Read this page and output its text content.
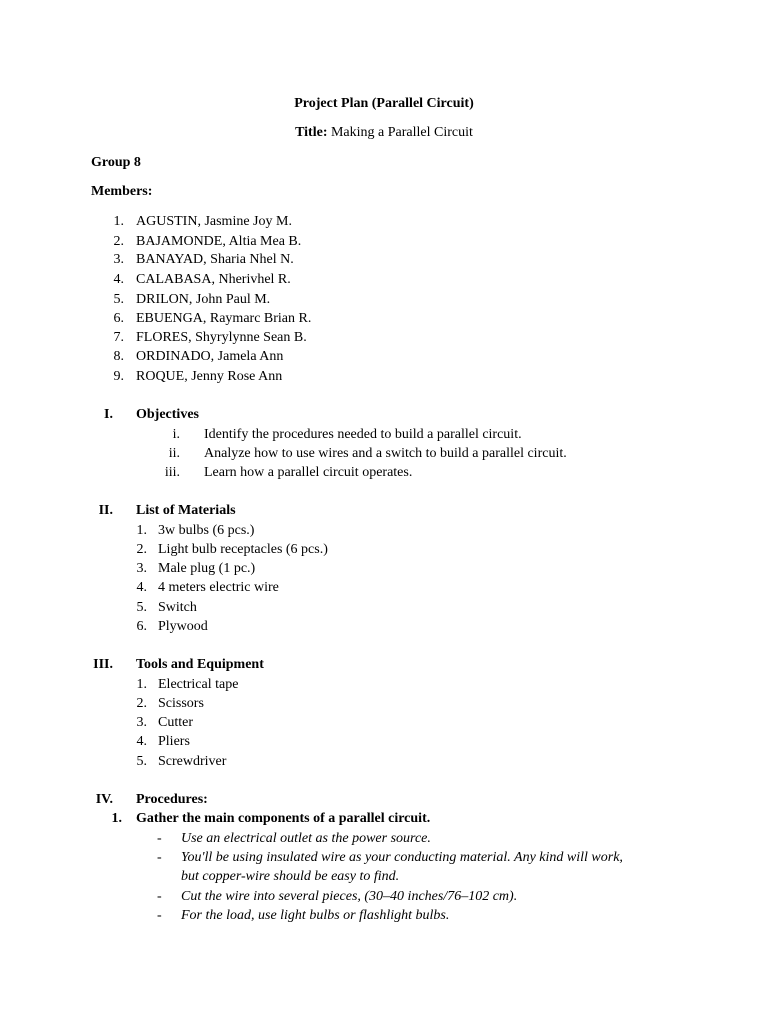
Project Plan (Parallel Circuit)
Title: Making a Parallel Circuit
Group 8
Members:
1. AGUSTIN, Jasmine Joy M.
2. BAJAMONDE, Altia Mea B.
3. BANAYAD, Sharia Nhel N.
4. CALABASA, Nherivhel R.
5. DRILON, John Paul M.
6. EBUENGA, Raymarc Brian R.
7. FLORES, Shyrylynne Sean B.
8. ORDINADO, Jamela Ann
9. ROQUE, Jenny Rose Ann
I. Objectives
i. Identify the procedures needed to build a parallel circuit.
ii. Analyze how to use wires and a switch to build a parallel circuit.
iii. Learn how a parallel circuit operates.
II. List of Materials
1. 3w bulbs (6 pcs.)
2. Light bulb receptacles (6 pcs.)
3. Male plug (1 pc.)
4. 4 meters electric wire
5. Switch
6. Plywood
III. Tools and Equipment
1. Electrical tape
2. Scissors
3. Cutter
4. Pliers
5. Screwdriver
IV. Procedures:
1. Gather the main components of a parallel circuit.
- Use an electrical outlet as the power source.
- You'll be using insulated wire as your conducting material. Any kind will work,
but copper-wire should be easy to find.
- Cut the wire into several pieces, (30–40 inches/76–102 cm).
- For the load, use light bulbs or flashlight bulbs.
